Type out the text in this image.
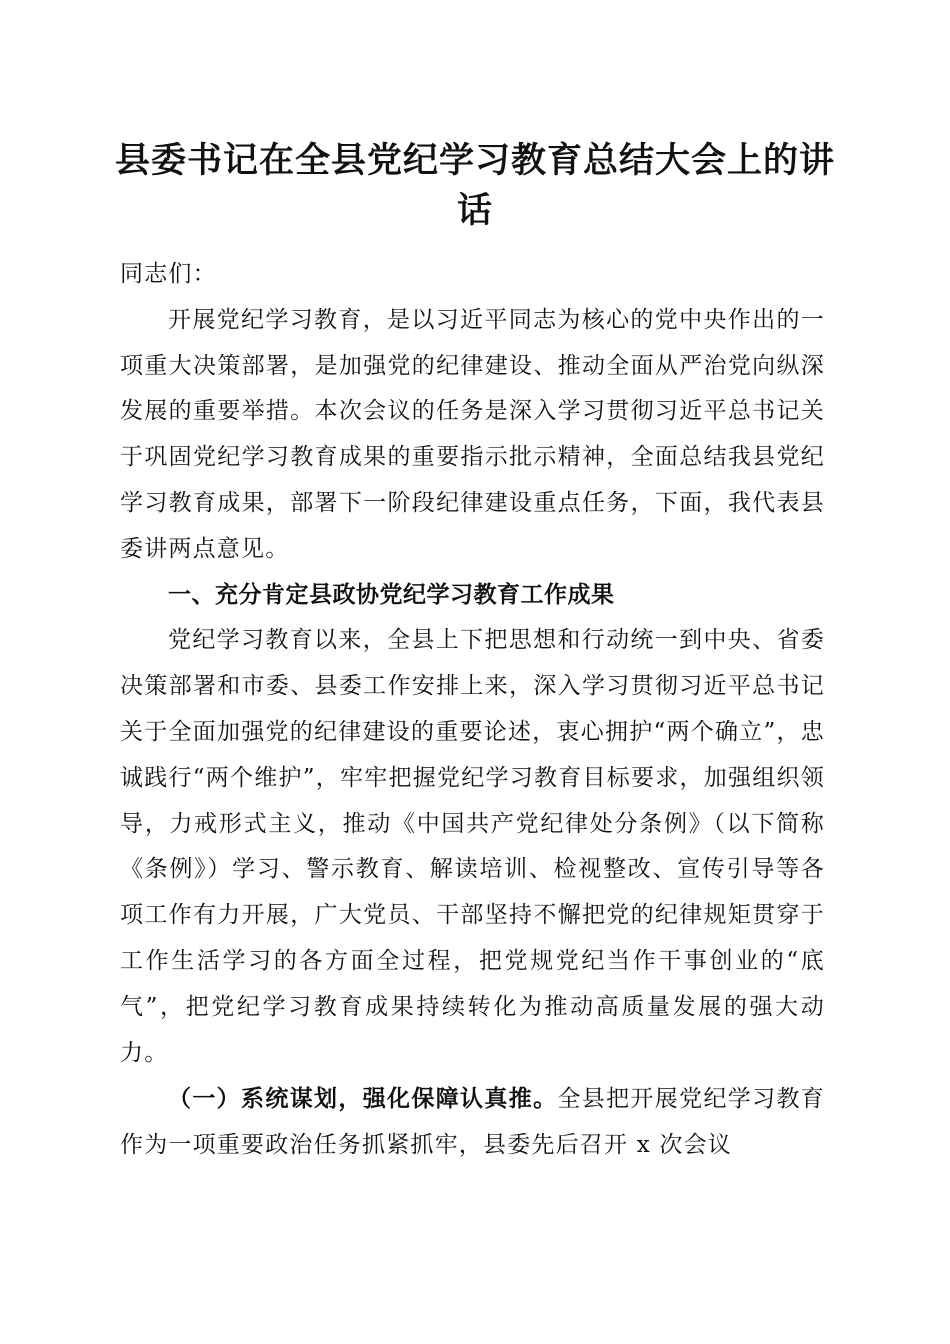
县委书记在全县党纪学习教育总结大会上的讲话

同志们：

开展党纪学习教育，是以习近平同志为核心的党中央作出的一项重大决策部署，是加强党的纪律建设、推动全面从严治党向纵深发展的重要举措。本次会议的任务是深入学习贯彻习近平总书记关于巩固党纪学习教育成果的重要指示批示精神，全面总结我县党纪学习教育成果，部署下一阶段纪律建设重点任务，下面，我代表县委讲两点意见。

一、充分肯定县政协党纪学习教育工作成果

党纪学习教育以来，全县上下把思想和行动统一到中央、省委决策部署和市委、县委工作安排上来，深入学习贯彻习近平总书记关于全面加强党的纪律建设的重要论述，衷心拥护“两个确立”，忠诚践行“两个维护”，牢牢把握党纪学习教育目标要求，加强组织领导，力戒形式主义，推动《中国共产党纪律处分条例》（以下简称《条例》）学习、警示教育、解读培训、检视整改、宣传引导等各项工作有力开展，广大党员、干部坚持不懈把党的纪律规矩贯穿于工作生活学习的各方面全过程，把党规党纪当作干事创业的“底气”，把党纪学习教育成果持续转化为推动高质量发展的强大动力。

（一）系统谋划，强化保障认真推。全县把开展党纪学习教育作为一项重要政治任务抓紧抓牢，县委先后召开 x 次会议
